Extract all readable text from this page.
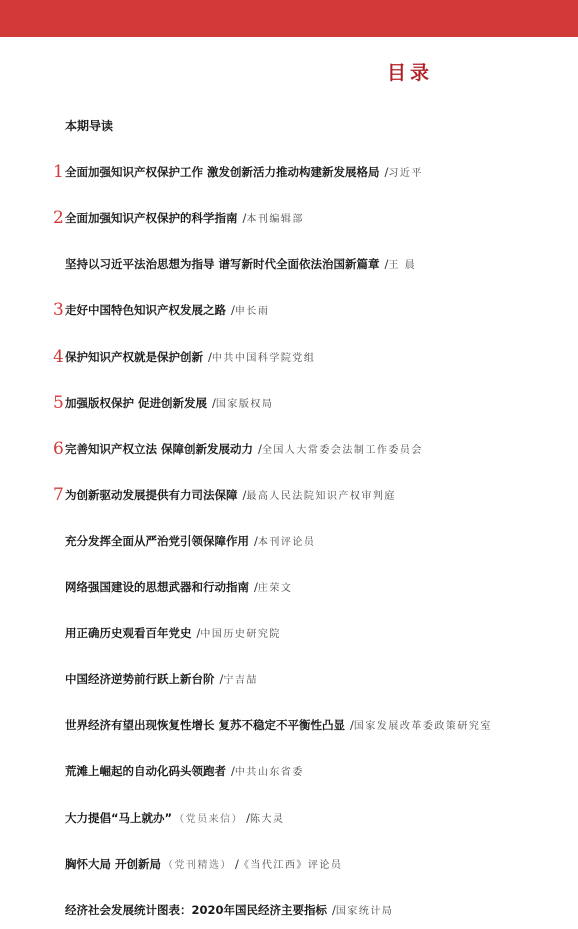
目录
本期导读
1 全面加强知识产权保护工作 激发创新活力推动构建新发展格局 /习近平
2 全面加强知识产权保护的科学指南 /本刊编辑部
坚持以习近平法治思想为指导 谱写新时代全面依法治国新篇章 /王 晨
3 走好中国特色知识产权发展之路 /申长雨
4 保护知识产权就是保护创新 /中共中国科学院党组
5 加强版权保护 促进创新发展 /国家版权局
6 完善知识产权立法 保障创新发展动力 /全国人大常委会法制工作委员会
7 为创新驱动发展提供有力司法保障 /最高人民法院知识产权审判庭
充分发挥全面从严治党引领保障作用 /本刊评论员
网络强国建设的思想武器和行动指南 /庄荣文
用正确历史观看百年党史 /中国历史研究院
中国经济逆势前行跃上新台阶 /宁吉喆
世界经济有望出现恢复性增长 复苏不稳定不平衡性凸显 /国家发展改革委政策研究室
荒滩上崛起的自动化码头领跑者 /中共山东省委
大力提倡“马上就办” （党员来信） /陈大灵
胸怀大局 开创新局 （党刊精选） /《当代江西》评论员
经济社会发展统计图表：2020年国民经济主要指标 /国家统计局
